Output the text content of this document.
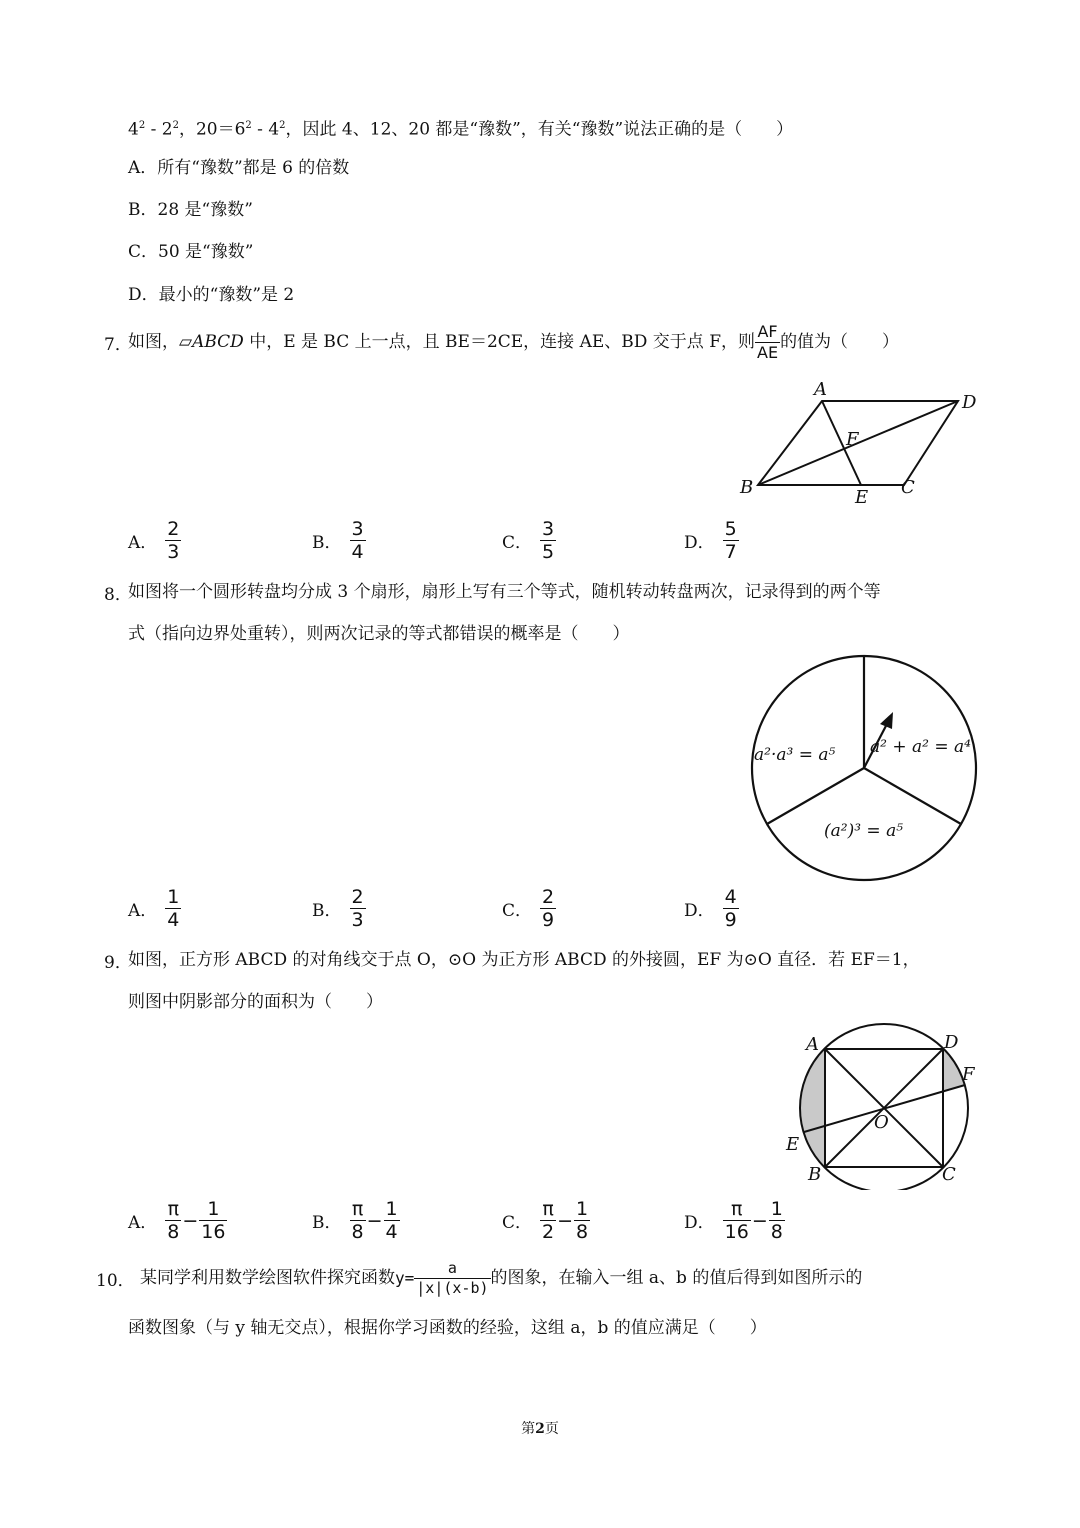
$4^2 - 2^2$，$20=6^2 - 4^2$，因此 4、12、20 都是“豫数”，有关“豫数”说法正确的是（　　）
A．所有“豫数”都是 6 的倍数
B．28 是“豫数”
C．50 是“豫数”
D．最小的“豫数”是 2
7．
如图，▱ABCD 中，E 是 BC 上一点，且 BE＝2CE，连接 AE、BD 交于点 F，则 $\frac{AF}{AE}$ 的值为（　　）
A
D
F
B	E C
A． $\frac{2}{3}$	B． $\frac{3}{4}$	C． $\frac{3}{5}$	D． $\frac{5}{7}$
8．
如图将一个圆形转盘均分成 3 个扇形，扇形上写有三个等式，随机转动转盘两次，记录得到的两个等
式（指向边界处重转），则两次记录的等式都错误的概率是（　　）
a²·a³ = a⁵ a² + a² = a⁴
(a²)³ = a⁵
A． $\frac{1}{4}$	B． $\frac{2}{3}$	C． $\frac{2}{9}$	D． $\frac{4}{9}$
9．
如图，正方形 ABCD 的对角线交于点 O，⊙O 为正方形 ABCD 的外接圆，EF 为⊙O 直径．若 EF＝1，
则图中阴影部分的面积为（　　）
A	D
F
O
E
B	C
A． $\frac{\pi}{8} - \frac{1}{16}$	B． $\frac{\pi}{8} - \frac{1}{4}$	C． $\frac{\pi}{2} - \frac{1}{8}$	D． $\frac{\pi}{16} - \frac{1}{8}$
10． 某同学利用数学绘图软件探究函数$y= \frac{a}{|x|(x-b)}$ 的图象，在输入一组 a、b 的值后得到如图所示的
函数图象（与 y 轴无交点），根据你学习函数的经验，这组 a，b 的值应满足（　　）
第2页
